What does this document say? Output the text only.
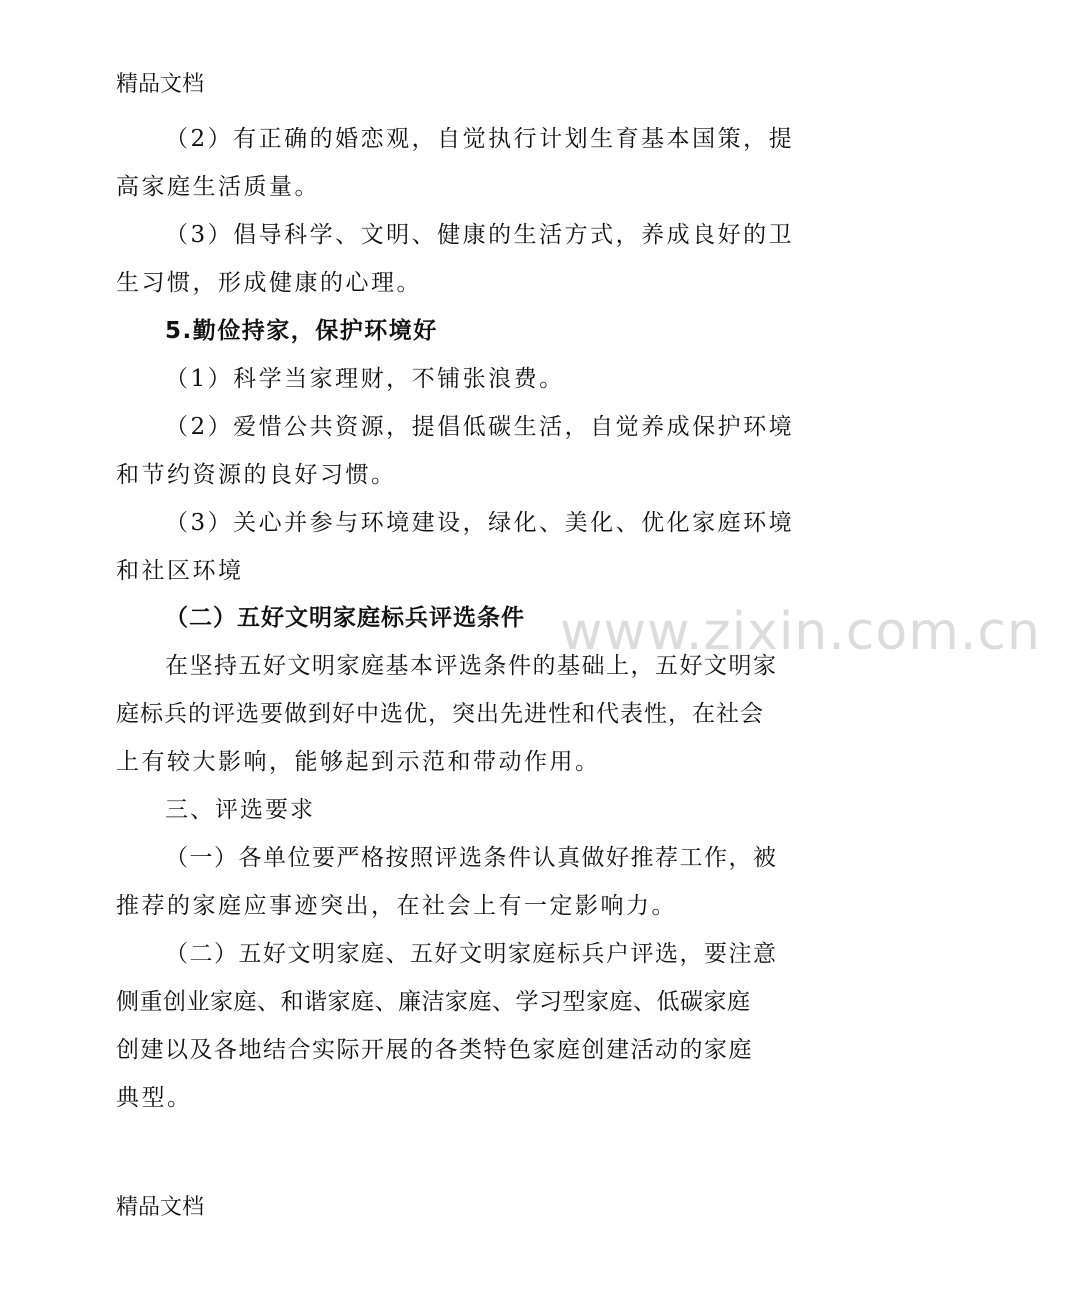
精品文档
www.zixin.com.cn
（2）有正确的婚恋观，自觉执行计划生育基本国策，提
高家庭生活质量。
（3）倡导科学、文明、健康的生活方式，养成良好的卫
生习惯，形成健康的心理。
5.勤俭持家，保护环境好
（1）科学当家理财，不铺张浪费。
（2）爱惜公共资源，提倡低碳生活，自觉养成保护环境
和节约资源的良好习惯。
（3）关心并参与环境建设，绿化、美化、优化家庭环境
和社区环境
（二）五好文明家庭标兵评选条件
在坚持五好文明家庭基本评选条件的基础上，五好文明家
庭标兵的评选要做到好中选优，突出先进性和代表性，在社会
上有较大影响，能够起到示范和带动作用。
三、评选要求
（一）各单位要严格按照评选条件认真做好推荐工作，被
推荐的家庭应事迹突出，在社会上有一定影响力。
（二）五好文明家庭、五好文明家庭标兵户评选，要注意
侧重创业家庭、和谐家庭、廉洁家庭、学习型家庭、低碳家庭
创建以及各地结合实际开展的各类特色家庭创建活动的家庭
典型。
精品文档
